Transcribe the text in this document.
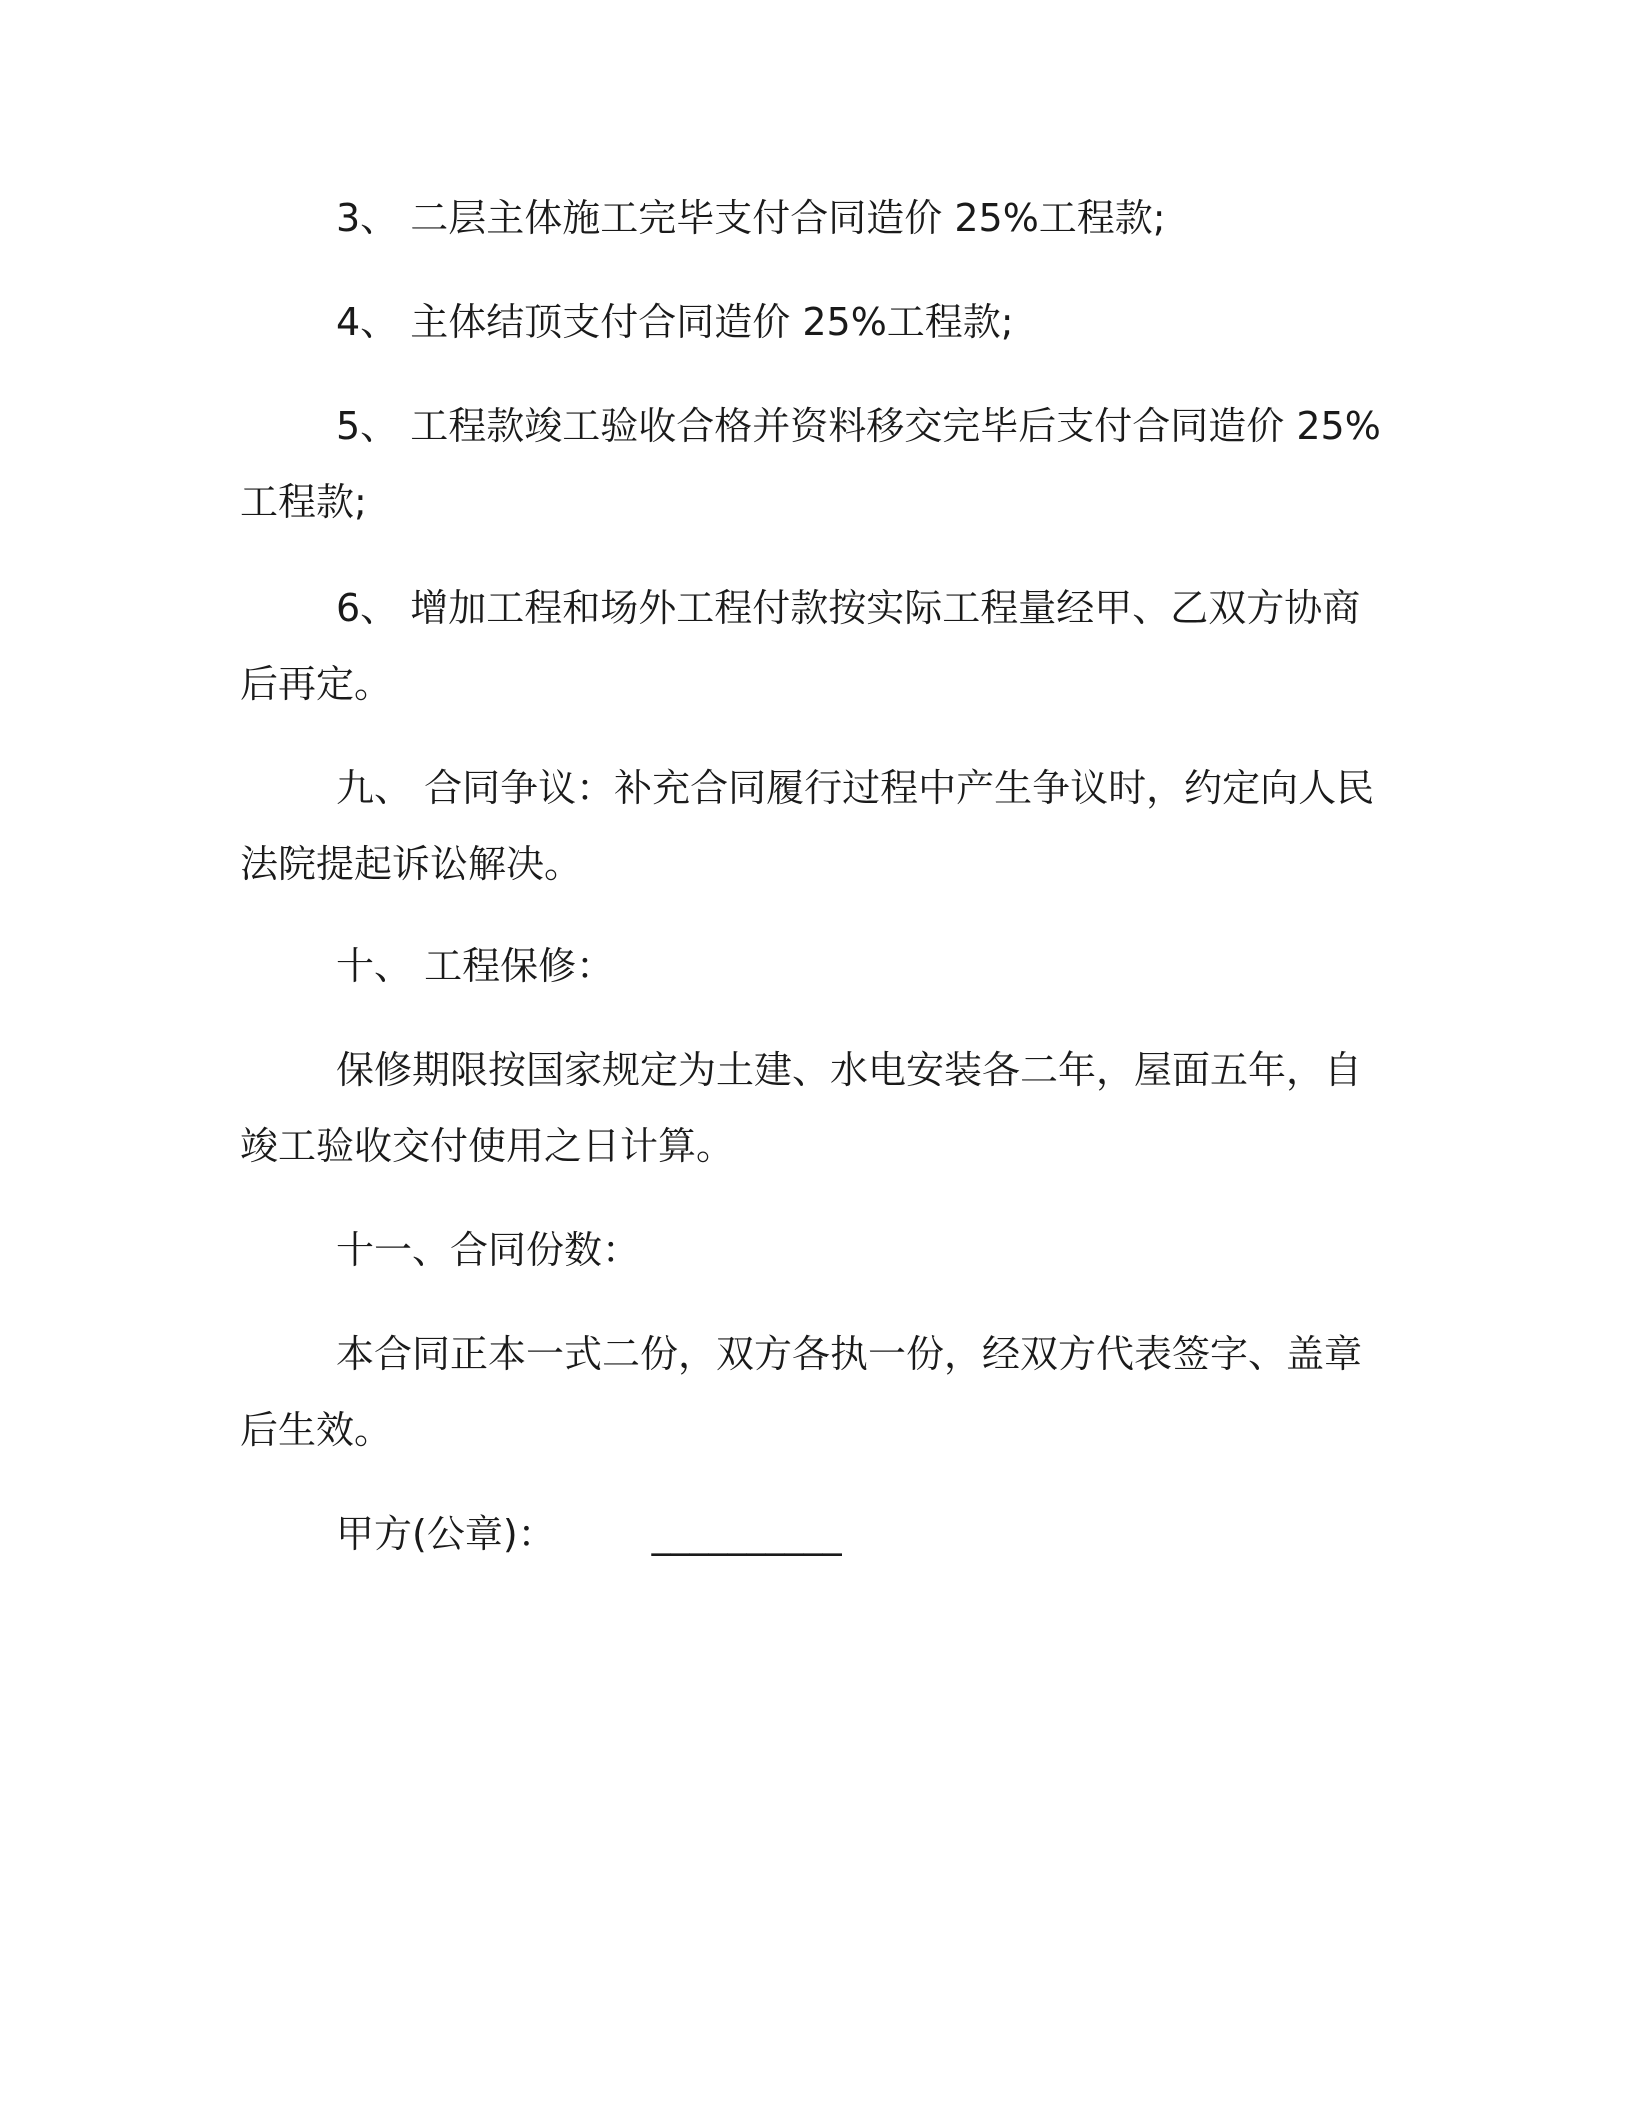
3、 二层主体施工完毕支付合同造价 25%工程款;

4、 主体结顶支付合同造价 25%工程款;

5、 工程款竣工验收合格并资料移交完毕后支付合同造价 25%工程款;

6、 增加工程和场外工程付款按实际工程量经甲、乙双方协商后再定。

九、 合同争议：补充合同履行过程中产生争议时，约定向人民法院提起诉讼解决。

十、 工程保修：

保修期限按国家规定为土建、水电安装各二年，屋面五年，自竣工验收交付使用之日计算。

十一、合同份数：

本合同正本一式二份，双方各执一份，经双方代表签字、盖章后生效。

甲方(公章)：	__________
